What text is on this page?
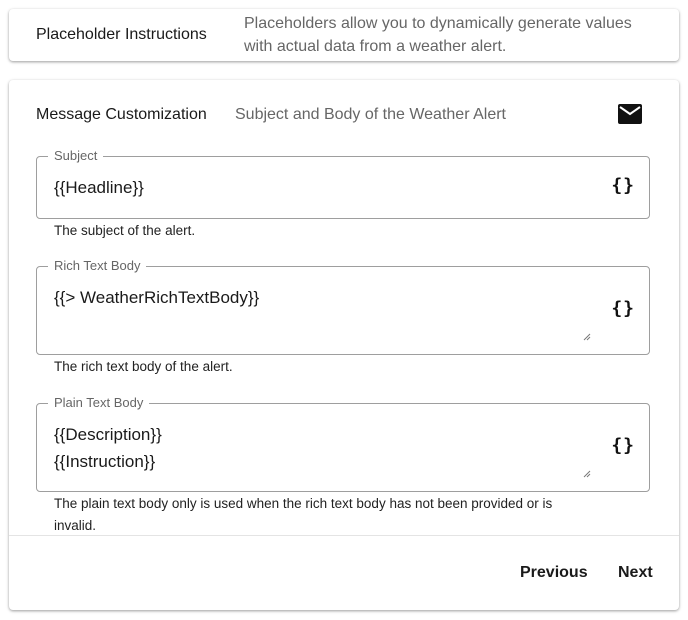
Placeholder Instructions
Placeholders allow you to dynamically generate values
with actual data from a weather alert.
Message Customization Subject and Body of the Weather Alert
Subject
{{Headline}}	{}
The subject of the alert.
Rich Text Body
{{> WeatherRichTextBody}}
{}
The rich text body of the alert.
Plain Text Body
{{Description}}
{{Instruction}}
{}
The plain text body only is used when the rich text body has not been provided or is
invalid.
Previous Next
